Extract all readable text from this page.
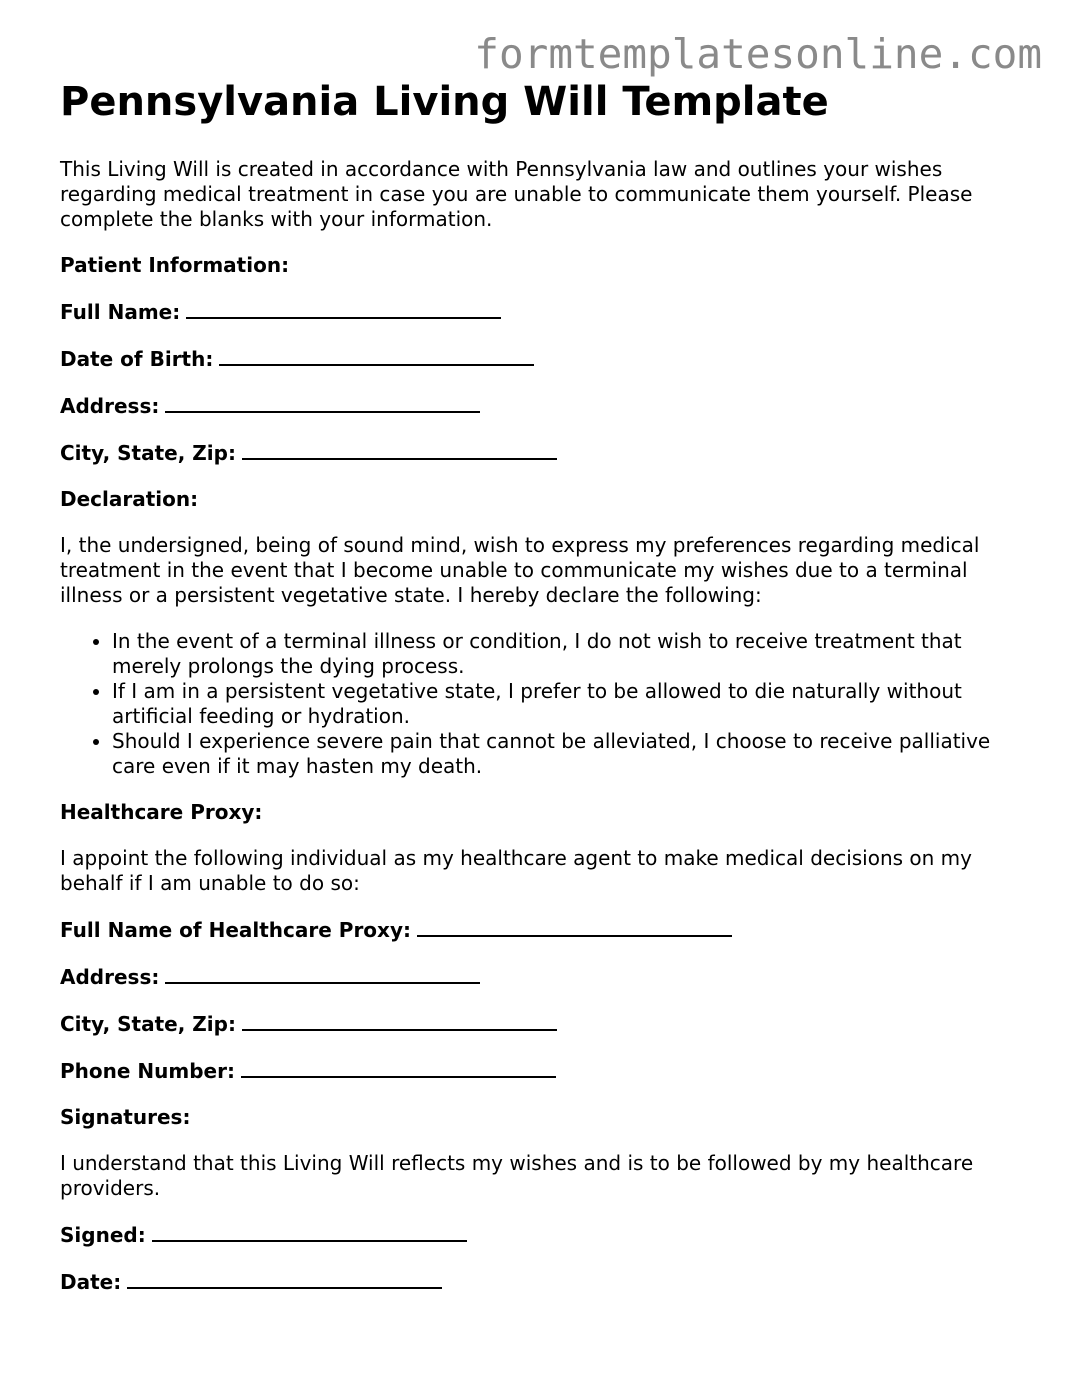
formtemplatesonline.com
Pennsylvania Living Will Template

This Living Will is created in accordance with Pennsylvania law and outlines your wishes regarding medical treatment in case you are unable to communicate them yourself. Please complete the blanks with your information.

Patient Information:

Full Name:

Date of Birth:

Address:

City, State, Zip:

Declaration:

I, the undersigned, being of sound mind, wish to express my preferences regarding medical treatment in the event that I become unable to communicate my wishes due to a terminal illness or a persistent vegetative state. I hereby declare the following:

• In the event of a terminal illness or condition, I do not wish to receive treatment that merely prolongs the dying process.
• If I am in a persistent vegetative state, I prefer to be allowed to die naturally without artificial feeding or hydration.
• Should I experience severe pain that cannot be alleviated, I choose to receive palliative care even if it may hasten my death.

Healthcare Proxy:

I appoint the following individual as my healthcare agent to make medical decisions on my behalf if I am unable to do so:

Full Name of Healthcare Proxy:

Address:

City, State, Zip:

Phone Number:

Signatures:

I understand that this Living Will reflects my wishes and is to be followed by my healthcare providers.

Signed:

Date:
